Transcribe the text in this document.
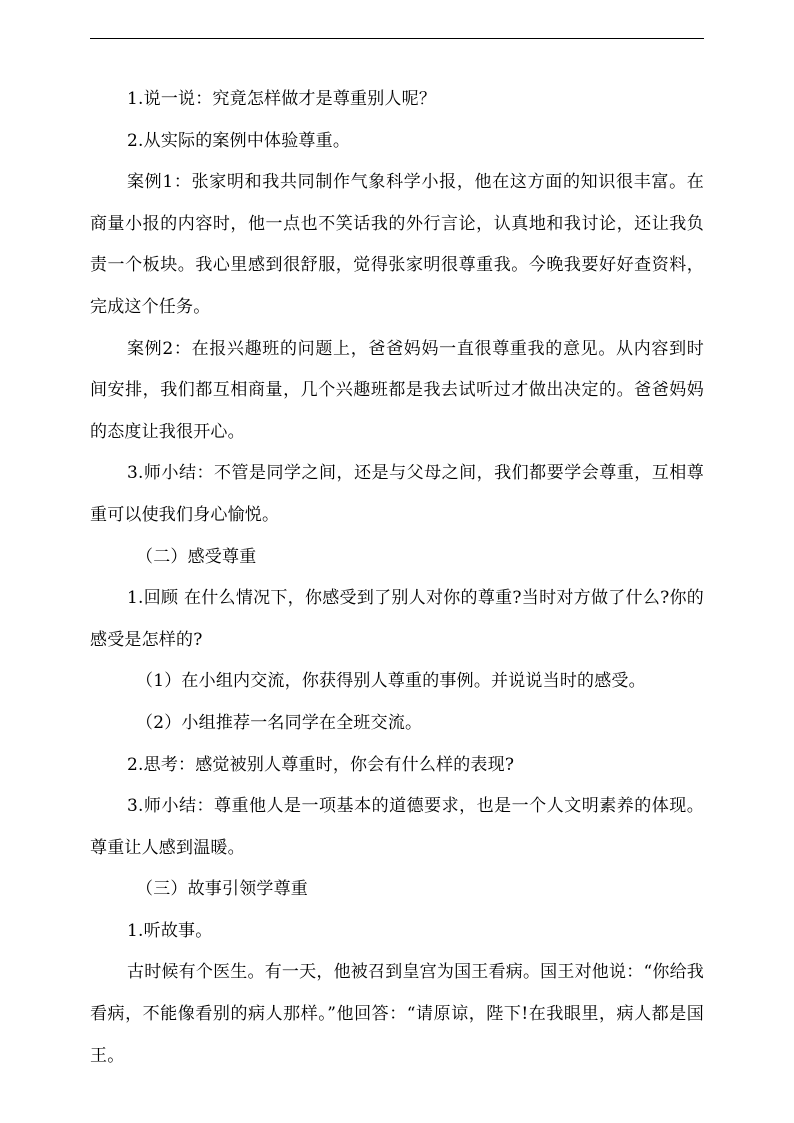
1.说一说：究竟怎样做才是尊重别人呢？

2.从实际的案例中体验尊重。

案例1：张家明和我共同制作气象科学小报，他在这方面的知识很丰富。在商量小报的内容时，他一点也不笑话我的外行言论，认真地和我讨论，还让我负责一个板块。我心里感到很舒服，觉得张家明很尊重我。今晚我要好好查资料，完成这个任务。

案例2：在报兴趣班的问题上，爸爸妈妈一直很尊重我的意见。从内容到时间安排，我们都互相商量，几个兴趣班都是我去试听过才做出决定的。爸爸妈妈的态度让我很开心。

3.师小结：不管是同学之间，还是与父母之间，我们都要学会尊重，互相尊重可以使我们身心愉悦。

（二）感受尊重

1.回顾 在什么情况下，你感受到了别人对你的尊重?当时对方做了什么?你的感受是怎样的?

（1）在小组内交流，你获得别人尊重的事例。并说说当时的感受。

（2）小组推荐一名同学在全班交流。

2.思考：感觉被别人尊重时，你会有什么样的表现?

3.师小结：尊重他人是一项基本的道德要求，也是一个人文明素养的体现。尊重让人感到温暖。

（三）故事引领学尊重

1.听故事。

古时候有个医生。有一天，他被召到皇宫为国王看病。国王对他说：“你给我看病，不能像看别的病人那样。”他回答：“请原谅，陛下!在我眼里，病人都是国王。
